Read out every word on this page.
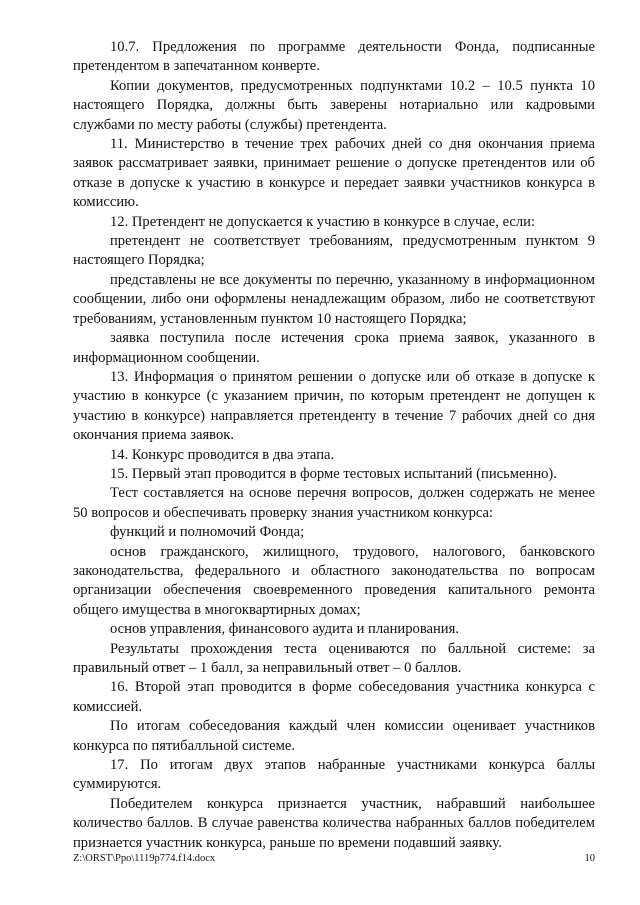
10.7. Предложения по программе деятельности Фонда, подписанные претендентом в запечатанном конверте.

Копии документов, предусмотренных подпунктами 10.2 – 10.5 пункта 10 настоящего Порядка, должны быть заверены нотариально или кадровыми службами по месту работы (службы) претендента.

11. Министерство в течение трех рабочих дней со дня окончания приема заявок рассматривает заявки, принимает решение о допуске претендентов или об отказе в допуске к участию в конкурсе и передает заявки участников конкурса в комиссию.

12. Претендент не допускается к участию в конкурсе в случае, если:

претендент не соответствует требованиям, предусмотренным пунктом 9 настоящего Порядка;

представлены не все документы по перечню, указанному в информационном сообщении, либо они оформлены ненадлежащим образом, либо не соответствуют требованиям, установленным пунктом 10 настоящего Порядка;

заявка поступила после истечения срока приема заявок, указанного в информационном сообщении.

13. Информация о принятом решении о допуске или об отказе в допуске к участию в конкурсе (с указанием причин, по которым претендент не допущен к участию в конкурсе) направляется претенденту в течение 7 рабочих дней со дня окончания приема заявок.

14. Конкурс проводится в два этапа.

15. Первый этап проводится в форме тестовых испытаний (письменно).

Тест составляется на основе перечня вопросов, должен содержать не менее 50 вопросов и обеспечивать проверку знания участником конкурса:

функций и полномочий Фонда;

основ гражданского, жилищного, трудового, налогового, банковского законодательства, федерального и областного законодательства по вопросам организации обеспечения своевременного проведения капитального ремонта общего имущества в многоквартирных домах;

основ управления, финансового аудита и планирования.

Результаты прохождения теста оцениваются по балльной системе: за правильный ответ – 1 балл, за неправильный ответ – 0 баллов.

16. Второй этап проводится в форме собеседования участника конкурса с комиссией.

По итогам собеседования каждый член комиссии оценивает участников конкурса по пятибалльной системе.

17. По итогам двух этапов набранные участниками конкурса баллы суммируются.

Победителем конкурса признается участник, набравший наибольшее количество баллов. В случае равенства количества набранных баллов победителем признается участник конкурса, раньше по времени подавший заявку.

Z:\ORST\Ppo\1119p774.f14.docx	10
